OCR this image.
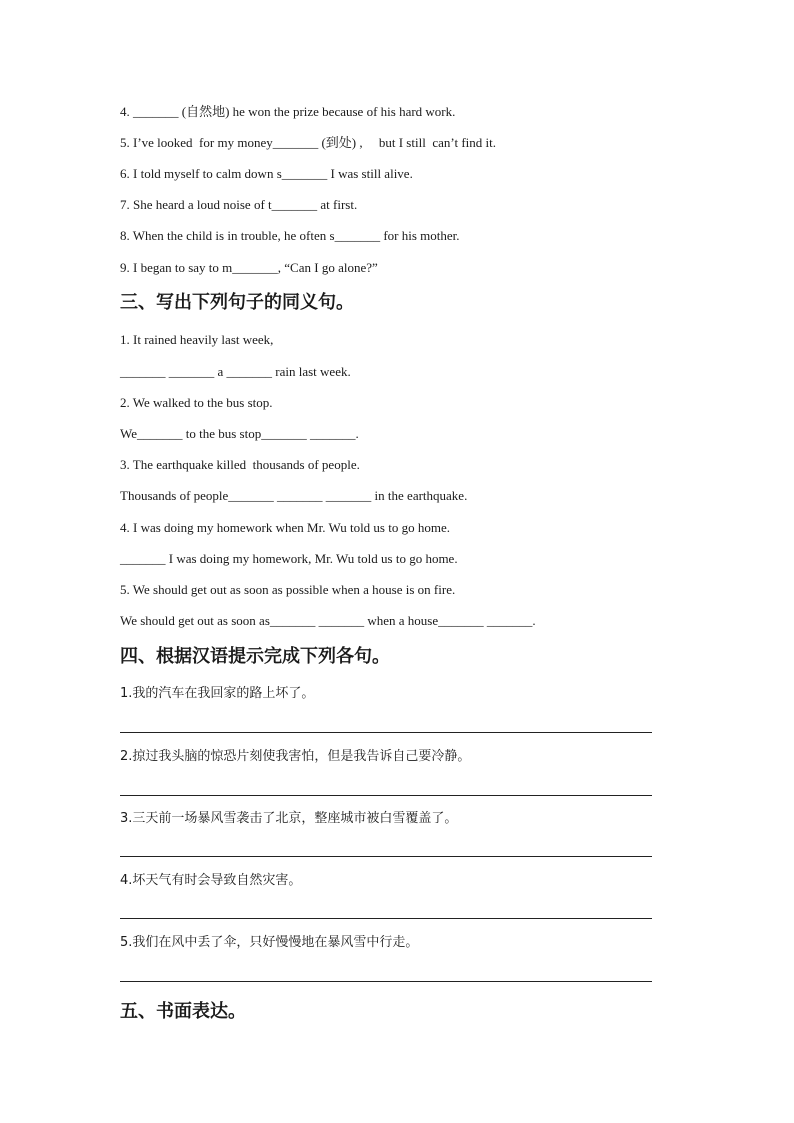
4. _______ (自然地) he won the prize because of his hard work.
5. I’ve looked  for my money_______ (到处) ,     but I still  can’t find it.
6. I told myself to calm down s_______ I was still alive.
7. She heard a loud noise of t_______ at first.
8. When the child is in trouble, he often s_______ for his mother.
9. I began to say to m_______, “Can I go alone?”
三、写出下列句子的同义句。
1. It rained heavily last week,
_______ _______ a _______ rain last week.
2. We walked to the bus stop.
We_______ to the bus stop_______ _______.
3. The earthquake killed  thousands of people.
Thousands of people_______ _______ _______ in the earthquake.
4. I was doing my homework when Mr. Wu told us to go home.
_______ I was doing my homework, Mr. Wu told us to go home.
5. We should get out as soon as possible when a house is on fire.
We should get out as soon as_______ _______ when a house_______ _______.
四、根据汉语提示完成下列各句。
1.我的汽车在我回家的路上坏了。
2.掠过我头脑的惊恐片刻使我害怕，但是我告诉自己要冷静。
3.三天前一场暴风雪袭击了北京，整座城市被白雪覆盖了。
4.坏天气有时会导致自然灾害。
5.我们在风中丢了伞，只好慢慢地在暴风雪中行走。
五、书面表达。
